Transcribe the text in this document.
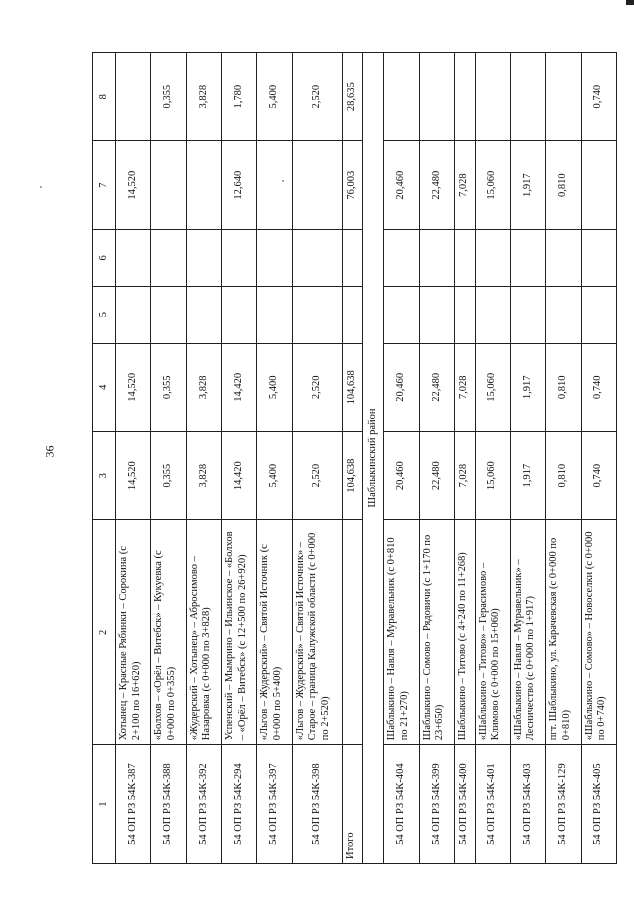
36
1	2	3	4	5	6	7	8
54 ОП РЗ 54К-387	Хотынец – Красные Рябинки – Сорокина (с 2+100 по 16+620)	14,520	14,520			14,520	
54 ОП РЗ 54К-388	«Болхов – «Орёл – Витебск» – Кукуевка (с 0+000 по 0+355)	0,355	0,355				0,355
54 ОП РЗ 54К-392	«Жудерский – Хотынец» – Абросимово – Назаровка (с 0+000 по 3+828)	3,828	3,828				3,828
54 ОП РЗ 54К-294	Успенский – Мымрино – Ильинское – «Болхов – «Орёл – Витебск» (с 12+500 по 26+920)	14,420	14,420			12,640	1,780
54 ОП РЗ 54К-397	«Льгов – Жудерский» – Святой Источник (с 0+000 по 5+400)	5,400	5,400				5,400
54 ОП РЗ 54К-398	«Льгов – Жудерский» – Святой Источник» – Старое – граница Калужской области (с 0+000 по 2+520)	2,520	2,520				2,520
Итого		104,638	104,638			76,003	28,635
Шаблыкинский район							
54 ОП РЗ 54К-404	Шаблыкино – Навля – Муравельник (с 0+810 по 21+270)	20,460	20,460			20,460	
54 ОП РЗ 54К-399	Шаблыкино – Сомово – Рядовичи (с 1+170 по 23+650)	22,480	22,480			22,480	
54 ОП РЗ 54К-400	Шаблыкино – Титово (с 4+240 по 11+268)	7,028	7,028			7,028	
54 ОП РЗ 54К-401	«Шаблыкино – Титово» – Герасимово – Климово (с 0+000 по 15+060)	15,060	15,060			15,060	
54 ОП РЗ 54К-403	«Шаблыкино – Навля – Муравельник» – Лесничество (с 0+000 по 1+917)	1,917	1,917			1,917	
54 ОП РЗ 54К-129	пгт. Шаблыкино, ул. Карачевская (с 0+000 по 0+810)	0,810	0,810			0,810	
54 ОП РЗ 54К-405	«Шаблыкино – Сомово» – Новоселки (с 0+000 по 0+740)	0,740	0,740				0,740
